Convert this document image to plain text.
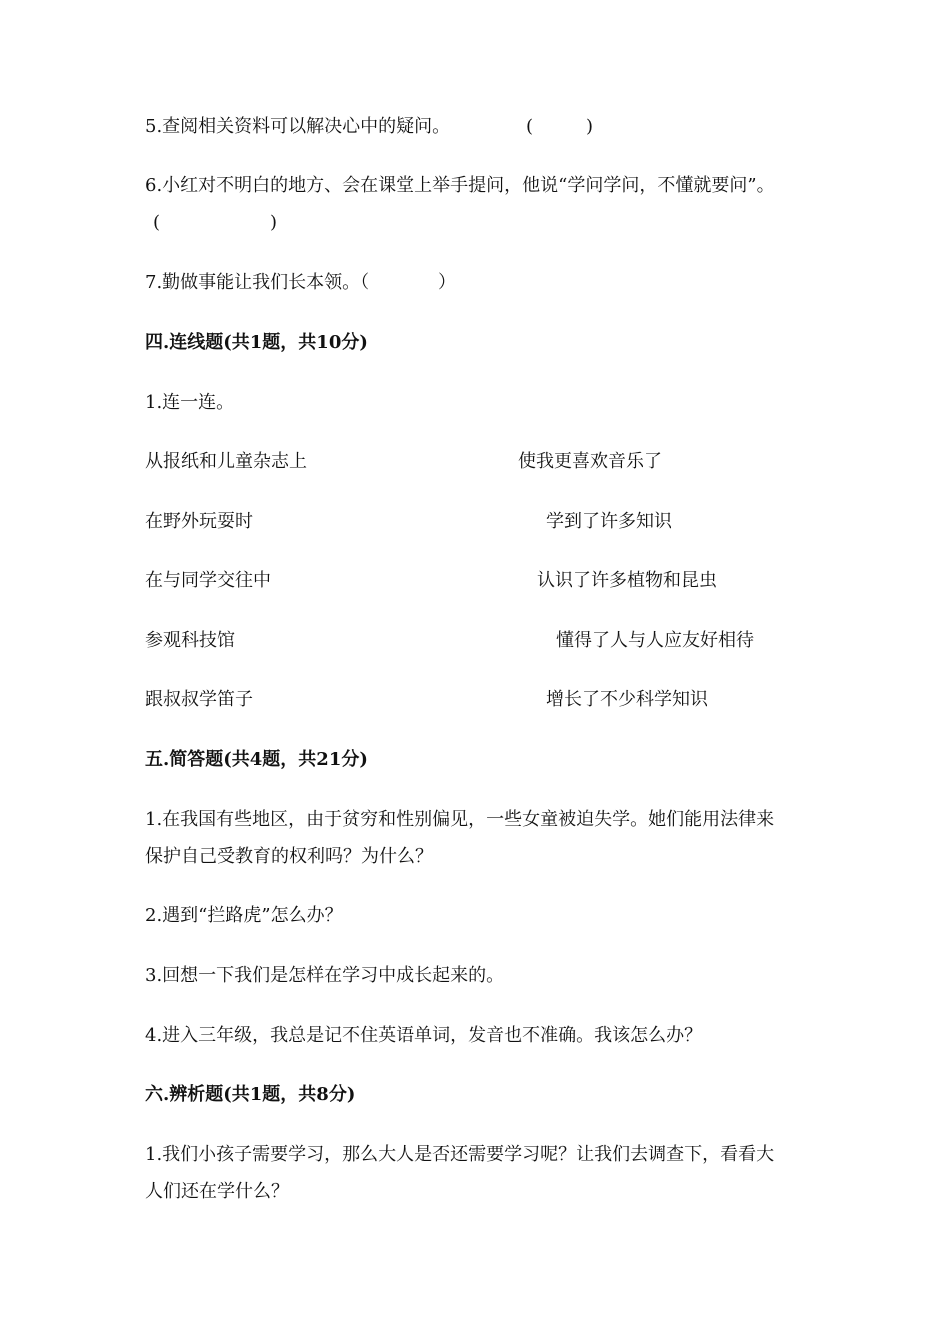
5.查阅相关资料可以解决心中的疑问。	(	)
6.小红对不明白的地方、会在课堂上举手提问，他说“学问学问，不懂就要问”。
(	)
7.勤做事能让我们长本领。（	）
四.连线题(共1题，共10分)
1.连一连。
从报纸和儿童杂志上	使我更喜欢音乐了
在野外玩耍时	学到了许多知识
在与同学交往中	认识了许多植物和昆虫
参观科技馆	懂得了人与人应友好相待
跟叔叔学笛子	增长了不少科学知识
五.简答题(共4题，共21分)
1.在我国有些地区，由于贫穷和性别偏见，一些女童被迫失学。她们能用法律来
保护自己受教育的权利吗？为什么？
2.遇到“拦路虎”怎么办？
3.回想一下我们是怎样在学习中成长起来的。
4.进入三年级，我总是记不住英语单词，发音也不准确。我该怎么办？
六.辨析题(共1题，共8分)
1.我们小孩子需要学习，那么大人是否还需要学习呢？让我们去调查下，看看大
人们还在学什么？
